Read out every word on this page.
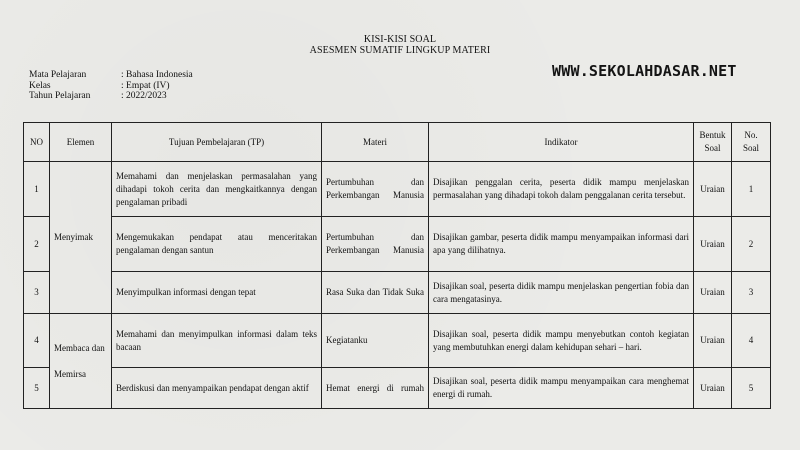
KISI-KISI SOAL
ASESMEN SUMATIF LINGKUP MATERI
Mata Pelajaran	: Bahasa Indonesia
Kelas	: Empat (IV)
Tahun Pelajaran	: 2022/2023
WWW.SEKOLAHDASAR.NET
NO	Elemen	Tujuan Pembelajaran (TP)	Materi	Indikator	Bentuk Soal	No. Soal
1	Menyimak	Memahami dan menjelaskan permasalahan yang dihadapi tokoh cerita dan mengkaitkannya dengan pengalaman pribadi	Pertumbuhan dan Perkembangan Manusia	Disajikan penggalan cerita, peserta didik mampu menjelaskan permasalahan yang dihadapi tokoh dalam penggalanan cerita tersebut.	Uraian	1
2		Mengemukakan pendapat atau menceritakan pengalaman dengan santun	Pertumbuhan dan Perkembangan Manusia	Disajikan gambar, peserta didik mampu menyampaikan informasi dari apa yang dilihatnya.	Uraian	2
3		Menyimpulkan informasi dengan tepat	Rasa Suka dan Tidak Suka	Disajikan soal, peserta didik mampu menjelaskan pengertian fobia dan cara mengatasinya.	Uraian	3
4	Membaca dan Memirsa	Memahami dan menyimpulkan informasi dalam teks bacaan	Kegiatanku	Disajikan soal, peserta didik mampu menyebutkan contoh kegiatan yang membutuhkan energi dalam kehidupan sehari – hari.	Uraian	4
5		Berdiskusi dan menyampaikan pendapat dengan aktif	Hemat energi di rumah	Disajikan soal, peserta didik mampu menyampaikan cara menghemat energi di rumah.	Uraian	5
